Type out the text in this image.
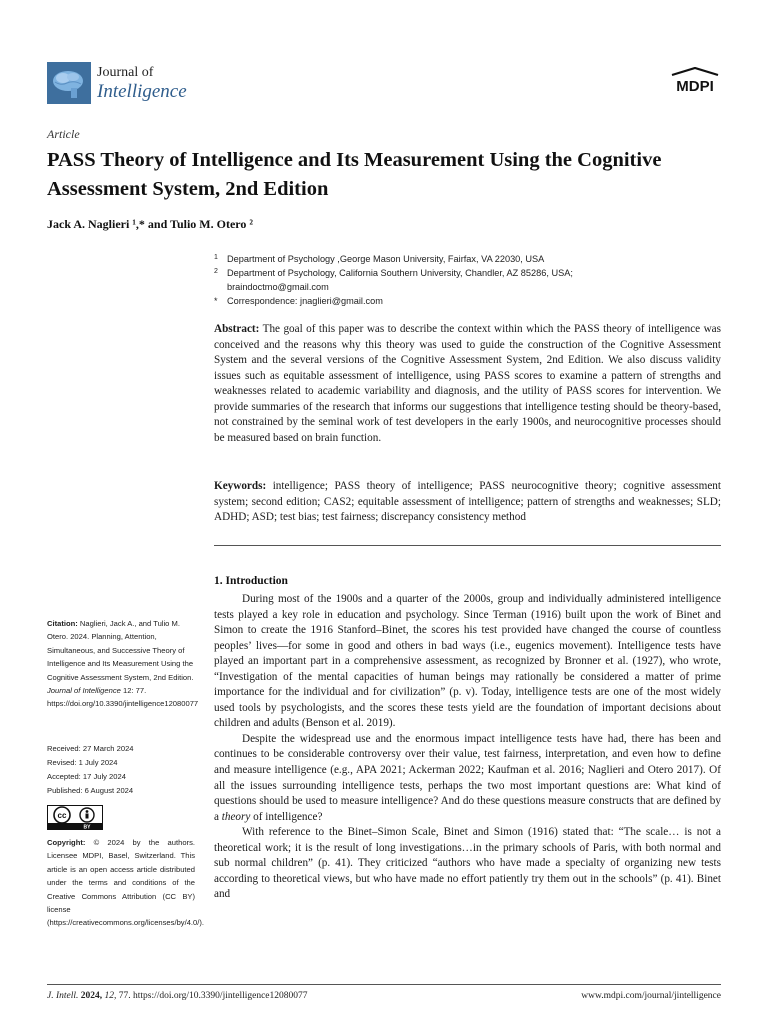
Journal of
Intelligence	MDPI
Article
PASS Theory of Intelligence and Its Measurement Using the Cognitive Assessment System, 2nd Edition
Jack A. Naglieri ¹,* and Tulio M. Otero ²
1 Department of Psychology ,George Mason University, Fairfax, VA 22030, USA
2 Department of Psychology, California Southern University, Chandler, AZ 85286, USA;
braindoctmo@gmail.com
* Correspondence: jnaglieri@gmail.com
Abstract: The goal of this paper was to describe the context within which the PASS theory of intelligence was conceived and the reasons why this theory was used to guide the construction of the Cognitive Assessment System and the several versions of the Cognitive Assessment System, 2nd Edition. We also discuss validity issues such as equitable assessment of intelligence, using PASS scores to examine a pattern of strengths and weaknesses related to academic variability and diagnosis, and the utility of PASS scores for intervention. We provide summaries of the research that informs our suggestions that intelligence testing should be theory-based, not constrained by the seminal work of test developers in the early 1900s, and neurocognitive processes should be measured based on brain function.
Keywords: intelligence; PASS theory of intelligence; PASS neurocognitive theory; cognitive assessment system; second edition; CAS2; equitable assessment of intelligence; pattern of strengths and weaknesses; SLD; ADHD; ASD; test bias; test fairness; discrepancy consistency method
1. Introduction

During most of the 1900s and a quarter of the 2000s, group and individually administered intelligence tests played a key role in education and psychology. Since Terman (1916) built upon the work of Binet and Simon to create the 1916 Stanford–Binet, the scores his test provided have changed the course of countless peoples’ lives—for some in good and others in bad ways (i.e., eugenics movement). Intelligence tests have played an important part in a comprehensive assessment, as recognized by Bronner et al. (1927), who wrote, “Investigation of the mental capacities of human beings may rationally be considered a matter of prime importance for the individual and for civilization” (p. v). Today, intelligence tests are one of the most widely used tools by psychologists, and the scores these tests yield are the foundation of important decisions about children and adults (Benson et al. 2019).

Despite the widespread use and the enormous impact intelligence tests have had, there has been and continues to be considerable controversy over their value, test fairness, interpretation, and even how to define and measure intelligence (e.g., APA 2021; Ackerman 2022; Kaufman et al. 2016; Naglieri and Otero 2017). Of all the issues surrounding intelligence tests, perhaps the two most important questions are: What kind of questions should be used to measure intelligence? And do these questions measure constructs that are defined by a theory of intelligence?

With reference to the Binet–Simon Scale, Binet and Simon (1916) stated that: “The scale… is not a theoretical work; it is the result of long investigations…in the primary schools of Paris, with both normal and sub normal children” (p. 41). They criticized “authors who have made a specialty of organizing new tests according to theoretical views, but who have made no effort patiently try them out in the schools” (p. 41). Binet and

Citation: Naglieri, Jack A., and Tulio M. Otero. 2024. Planning, Attention, Simultaneous, and Successive Theory of Intelligence and Its Measurement Using the Cognitive Assessment System, 2nd Edition. Journal of Intelligence 12: 77. https://doi.org/10.3390/jintelligence12080077
Received: 27 March 2024
Revised: 1 July 2024
Accepted: 17 July 2024
Published: 6 August 2024
cc
BY
Copyright: © 2024 by the authors. Licensee MDPI, Basel, Switzerland. This article is an open access article distributed under the terms and conditions of the Creative Commons Attribution (CC BY) license (https://creativecommons.org/licenses/by/4.0/).
J. Intell. 2024, 12, 77. https://doi.org/10.3390/jintelligence12080077	www.mdpi.com/journal/jintelligence
